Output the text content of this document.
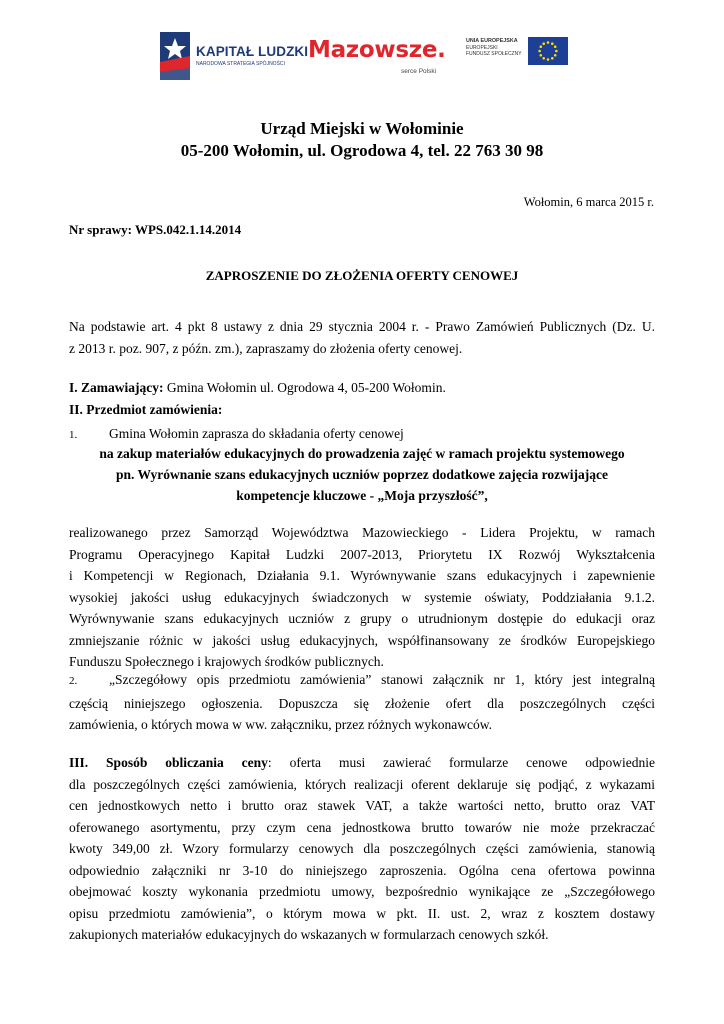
KAPITAŁ LUDZKI
NARODOWA STRATEGIA SPÓJNOŚCI
Mazowsze.
serce Polski
UNIA EUROPEJSKA
EUROPEJSKI
FUNDUSZ SPOŁECZNY
Urząd Miejski w Wołominie
05-200 Wołomin, ul. Ogrodowa 4, tel. 22 763 30 98
Wołomin, 6 marca 2015 r.
Nr sprawy: WPS.042.1.14.2014
ZAPROSZENIE DO ZŁOŻENIA OFERTY CENOWEJ
Na podstawie art. 4 pkt 8 ustawy z dnia 29 stycznia 2004 r. - Prawo Zamówień Publicznych (Dz. U.
z 2013 r. poz. 907, z późn. zm.), zapraszamy do złożenia oferty cenowej.
I. Zamawiający: Gmina Wołomin ul. Ogrodowa 4, 05-200 Wołomin.
II. Przedmiot zamówienia:
1. Gmina Wołomin zaprasza do składania oferty cenowej
na zakup materiałów edukacyjnych do prowadzenia zajęć w ramach projektu systemowego
pn. Wyrównanie szans edukacyjnych uczniów poprzez dodatkowe zajęcia rozwijające
kompetencje kluczowe - „Moja przyszłość”,
realizowanego przez Samorząd Województwa Mazowieckiego - Lidera Projektu, w ramach
Programu Operacyjnego Kapitał Ludzki 2007-2013, Priorytetu IX Rozwój Wykształcenia
i Kompetencji w Regionach, Działania 9.1. Wyrównywanie szans edukacyjnych i zapewnienie
wysokiej jakości usług edukacyjnych świadczonych w systemie oświaty, Poddziałania 9.1.2.
Wyrównywanie szans edukacyjnych uczniów z grupy o utrudnionym dostępie do edukacji oraz
zmniejszanie różnic w jakości usług edukacyjnych, współfinansowany ze środków Europejskiego
Funduszu Społecznego i krajowych środków publicznych.
2. „Szczegółowy opis przedmiotu zamówienia” stanowi załącznik nr 1, który jest integralną
częścią niniejszego ogłoszenia. Dopuszcza się złożenie ofert dla poszczególnych części
zamówienia, o których mowa w ww. załączniku, przez różnych wykonawców.
III. Sposób obliczania ceny: oferta musi zawierać formularze cenowe odpowiednie
dla poszczególnych części zamówienia, których realizacji oferent deklaruje się podjąć, z wykazami
cen jednostkowych netto i brutto oraz stawek VAT, a także wartości netto, brutto oraz VAT
oferowanego asortymentu, przy czym cena jednostkowa brutto towarów nie może przekraczać
kwoty 349,00 zł. Wzory formularzy cenowych dla poszczególnych części zamówienia, stanowią
odpowiednio załączniki nr 3-10 do niniejszego zaproszenia. Ogólna cena ofertowa powinna
obejmować koszty wykonania przedmiotu umowy, bezpośrednio wynikające ze „Szczegółowego
opisu przedmiotu zamówienia”, o którym mowa w pkt. II. ust. 2, wraz z kosztem dostawy
zakupionych materiałów edukacyjnych do wskazanych w formularzach cenowych szkół.
